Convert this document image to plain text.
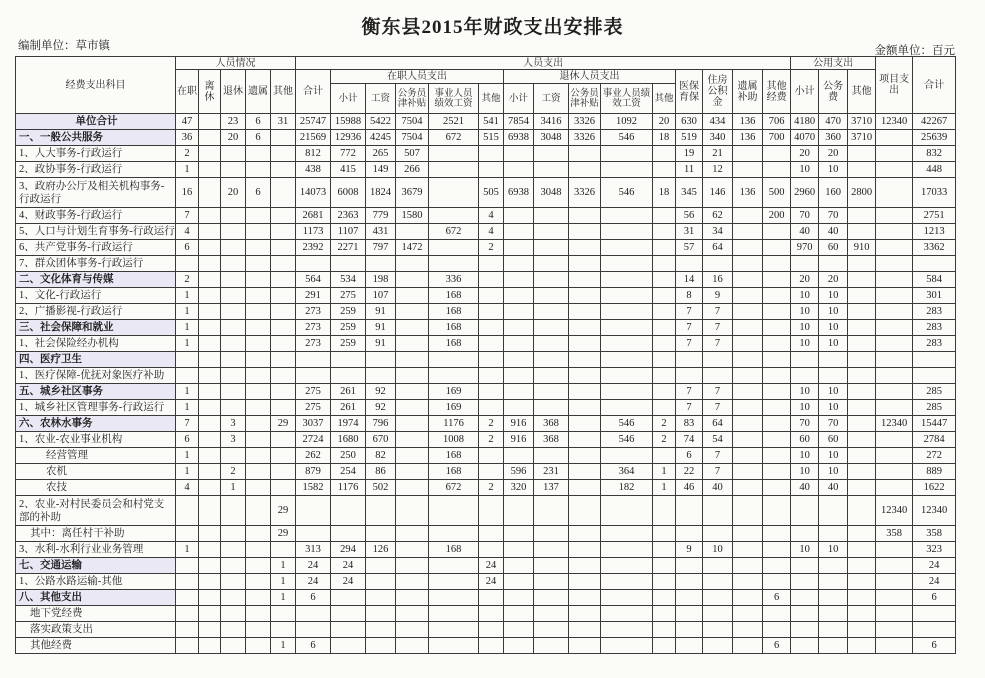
衡东县2015年财政支出安排表
编制单位：草市镇	金额单位：百元
经费支出科目	人员情况					人员支出															公用支出			项目支出	合计
	在职	离休	退休	遗属	其他	合计	在职人员支出					退休人员支出					医保育保	住房公积金	遗属补助	其他经费	小计	公务费	其他		
							小计	工资	公务员津补贴	事业人员绩效工资	其他	小计	工资	公务员津补贴	事业人员绩效工资	其他									
单位合计	47		23	6	31	25747	15988	5422	7504	2521	541	7854	3416	3326	1092	20	630	434	136	706	4180	470	3710	12340	42267
一、一般公共服务	36		20	6		21569	12936	4245	7504	672	515	6938	3048	3326	546	18	519	340	136	700	4070	360	3710		25639
1、人大事务-行政运行	2					812	772	265	507								19	21			20	20			832
2、政协事务-行政运行	1					438	415	149	266								11	12			10	10			448
3、政府办公厅及相关机构事务-行政运行	16		20	6		14073	6008	1824	3679		505	6938	3048	3326	546	18	345	146	136	500	2960	160	2800		17033
4、财政事务-行政运行	7					2681	2363	779	1580		4						56	62		200	70	70			2751
5、人口与计划生育事务-行政运行	4					1173	1107	431		672	4						31	34			40	40			1213
6、共产党事务-行政运行	6					2392	2271	797	1472		2						57	64			970	60	910		3362
7、群众团体事务-行政运行																									
二、文化体育与传媒	2					564	534	198		336							14	16			20	20			584
1、文化-行政运行	1					291	275	107		168							8	9			10	10			301
2、广播影视-行政运行	1					273	259	91		168							7	7			10	10			283
三、社会保障和就业	1					273	259	91		168							7	7			10	10			283
1、社会保险经办机构	1					273	259	91		168							7	7			10	10			283
四、医疗卫生																									
1、医疗保障-优抚对象医疗补助																									
五、城乡社区事务	1					275	261	92		169							7	7			10	10			285
1、城乡社区管理事务-行政运行	1					275	261	92		169							7	7			10	10			285
六、农林水事务	7		3		29	3037	1974	796		1176	2	916	368		546	2	83	64			70	70		12340	15447
1、农业-农业事业机构	6		3			2724	1680	670		1008	2	916	368		546	2	74	54			60	60			2784
经营管理	1					262	250	82		168							6	7			10	10			272
农机	1		2			879	254	86		168		596	231		364	1	22	7			10	10			889
农技	4		1			1582	1176	502		672	2	320	137		182	1	46	40			40	40			1622
2、农业-对村民委员会和村党支部的补助					29																			12340	12340
其中：离任村干补助					29																			358	358
3、水利-水利行业业务管理	1					313	294	126		168							9	10			10	10			323
七、交通运输					1	24	24				24														24
1、公路水路运输-其他					1	24	24				24														24
八、其他支出					1	6														6					6
地下党经费																									
落实政策支出																									
其他经费					1	6														6					6
